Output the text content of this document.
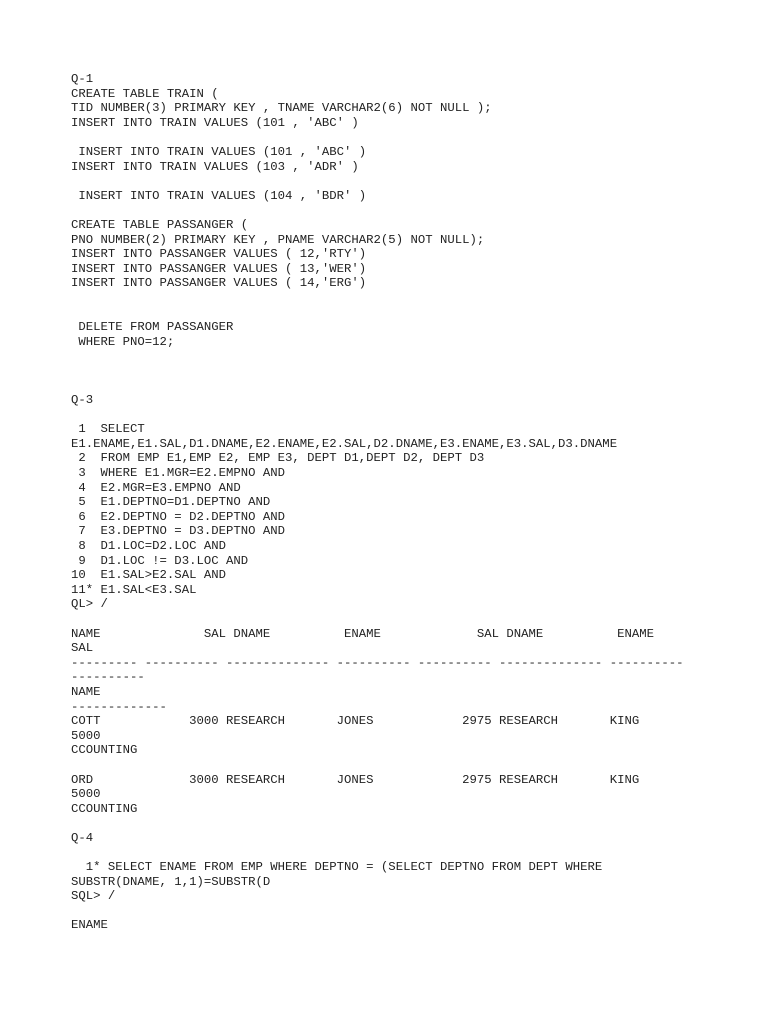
Q-1
CREATE TABLE TRAIN (
TID NUMBER(3) PRIMARY KEY , TNAME VARCHAR2(6) NOT NULL );
INSERT INTO TRAIN VALUES (101 , 'ABC' )
INSERT INTO TRAIN VALUES (101 , 'ABC' )
INSERT INTO TRAIN VALUES (103 , 'ADR' )
INSERT INTO TRAIN VALUES (104 , 'BDR' )
CREATE TABLE PASSANGER (
PNO NUMBER(2) PRIMARY KEY , PNAME VARCHAR2(5) NOT NULL);
INSERT INTO PASSANGER VALUES ( 12,'RTY')
INSERT INTO PASSANGER VALUES ( 13,'WER')
INSERT INTO PASSANGER VALUES ( 14,'ERG')
DELETE FROM PASSANGER
WHERE PNO=12;
Q-3
1  SELECT
E1.ENAME,E1.SAL,D1.DNAME,E2.ENAME,E2.SAL,D2.DNAME,E3.ENAME,E3.SAL,D3.DNAME
2  FROM EMP E1,EMP E2, EMP E3, DEPT D1,DEPT D2, DEPT D3
3  WHERE E1.MGR=E2.EMPNO AND
4  E2.MGR=E3.EMPNO AND
5  E1.DEPTNO=D1.DEPTNO AND
6  E2.DEPTNO = D2.DEPTNO AND
7  E3.DEPTNO = D3.DEPTNO AND
8  D1.LOC=D2.LOC AND
9  D1.LOC != D3.LOC AND
10  E1.SAL>E2.SAL AND
11* E1.SAL<E3.SAL
QL> /
NAME              SAL DNAME          ENAME             SAL DNAME          ENAME
SAL
--------- ---------- -------------- ---------- ---------- -------------- ----------
----------
NAME
-------------
COTT            3000 RESEARCH       JONES            2975 RESEARCH       KING
5000
CCOUNTING
ORD             3000 RESEARCH       JONES            2975 RESEARCH       KING
5000
CCOUNTING
Q-4
1* SELECT ENAME FROM EMP WHERE DEPTNO = (SELECT DEPTNO FROM DEPT WHERE
SUBSTR(DNAME, 1,1)=SUBSTR(D
SQL> /
ENAME
